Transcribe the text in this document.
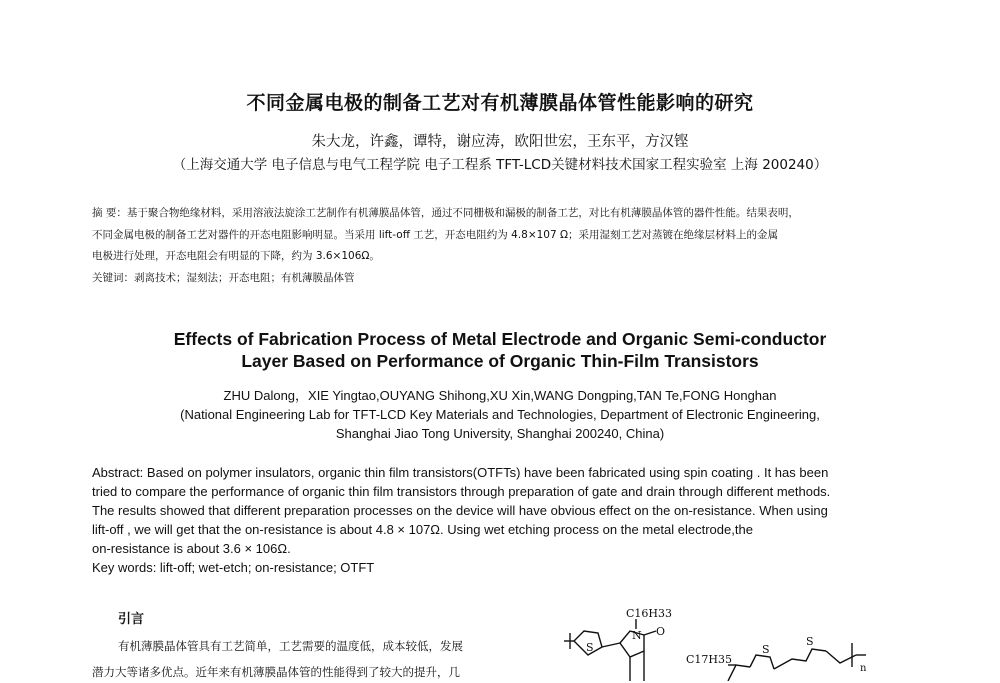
不同金属电极的制备工艺对有机薄膜晶体管性能影响的研究
朱大龙，许鑫，谭特，谢应涛，欧阳世宏，王东平，方汉铿
（上海交通大学 电子信息与电气工程学院 电子工程系 TFT-LCD关键材料技术国家工程实验室 上海 200240）

摘 要：基于聚合物绝缘材料，采用溶液法旋涂工艺制作有机薄膜晶体管，通过不同栅极和漏极的制备工艺，对比有机薄膜晶体管的器件性能。结果表明，

不同金属电极的制备工艺对器件的开态电阻影响明显。当采用 lift-off 工艺，开态电阻约为 4.8×107 Ω；采用湿刻工艺对蒸镀在绝缘层材料上的金属

电极进行处理，开态电阻会有明显的下降，约为 3.6×106Ω。

关键词：剥离技术；湿刻法；开态电阻；有机薄膜晶体管

Effects of Fabrication Process of Metal Electrode and Organic Semi-conductor
Layer Based on Performance of Organic Thin-Film Transistors
ZHU Dalong，XIE Yingtao,OUYANG Shihong,XU Xin,WANG Dongping,TAN Te,FONG Honghan
(National Engineering Lab for TFT-LCD Key Materials and Technologies, Department of Electronic Engineering,
Shanghai Jiao Tong University, Shanghai 200240, China)

Abstract: Based on polymer insulators, organic thin film transistors(OTFTs) have been fabricated using spin coating . It has been

tried to compare the performance of organic thin film transistors through preparation of gate and drain through different methods.

The results showed that different preparation processes on the device will have obvious effect on the on-resistance. When using

lift-off , we will get that the on-resistance is about 4.8 × 107Ω. Using wet etching process on the metal electrode,the

on-resistance is about 3.6 × 106Ω.

Key words: lift-off; wet-etch; on-resistance; OTFT

引言
有机薄膜晶体管具有工艺简单，工艺需要的温度低，成本较低，发展
潜力大等诸多优点。近年来有机薄膜晶体管的性能得到了较大的提升，几
C16H33
N O
S
C17H35
S
S
n
